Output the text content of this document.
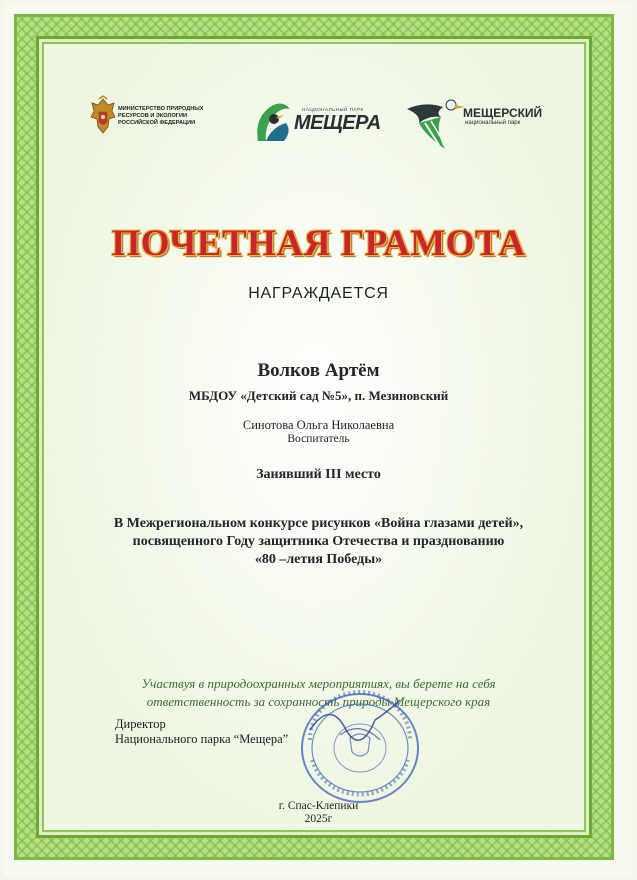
МИНИСТЕРСТВО ПРИРОДНЫХ
РЕСУРСОВ И ЭКОЛОГИИ
РОССИЙСКОЙ ФЕДЕРАЦИИ
НАЦИОНАЛЬНЫЙ ПАРК
МЕЩЕРА	МЕЩЕРСКИЙ
национальный парк
ПОЧЕТНАЯ ГРАМОТА
НАГРАЖДАЕТСЯ
Волков Артём
МБДОУ «Детский сад №5», п. Мезиновский
Синотова Ольга Николаевна
Воспитатель
Занявший III место
В Межрегиональном конкурсе рисунков «Война глазами детей»,
посвященного Году защитника Отечества и празднованию
«80 –летия Победы»
Участвуя в природоохранных мероприятиях, вы берете на себя
ответственность за сохранность природы Мещерского края
Директор
Национального парка “Мещера”
г. Спас-Клепики
2025г
